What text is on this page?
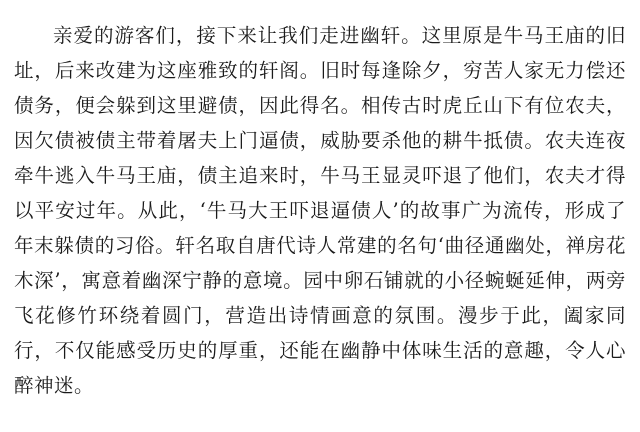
亲爱的游客们，接下来让我们走进幽轩。这里原是牛马王庙的旧址，后来改建为这座雅致的轩阁。旧时每逢除夕，穷苦人家无力偿还债务，便会躲到这里避债，因此得名。相传古时虎丘山下有位农夫，因欠债被债主带着屠夫上门逼债，威胁要杀他的耕牛抵债。农夫连夜牵牛逃入牛马王庙，债主追来时，牛马王显灵吓退了他们，农夫才得以平安过年。从此，‘牛马大王吓退逼债人’的故事广为流传，形成了年末躲债的习俗。轩名取自唐代诗人常建的名句‘曲径通幽处，禅房花木深’，寓意着幽深宁静的意境。园中卵石铺就的小径蜿蜒延伸，两旁飞花修竹环绕着圆门，营造出诗情画意的氛围。漫步于此，阖家同行，不仅能感受历史的厚重，还能在幽静中体味生活的意趣，令人心醉神迷。
